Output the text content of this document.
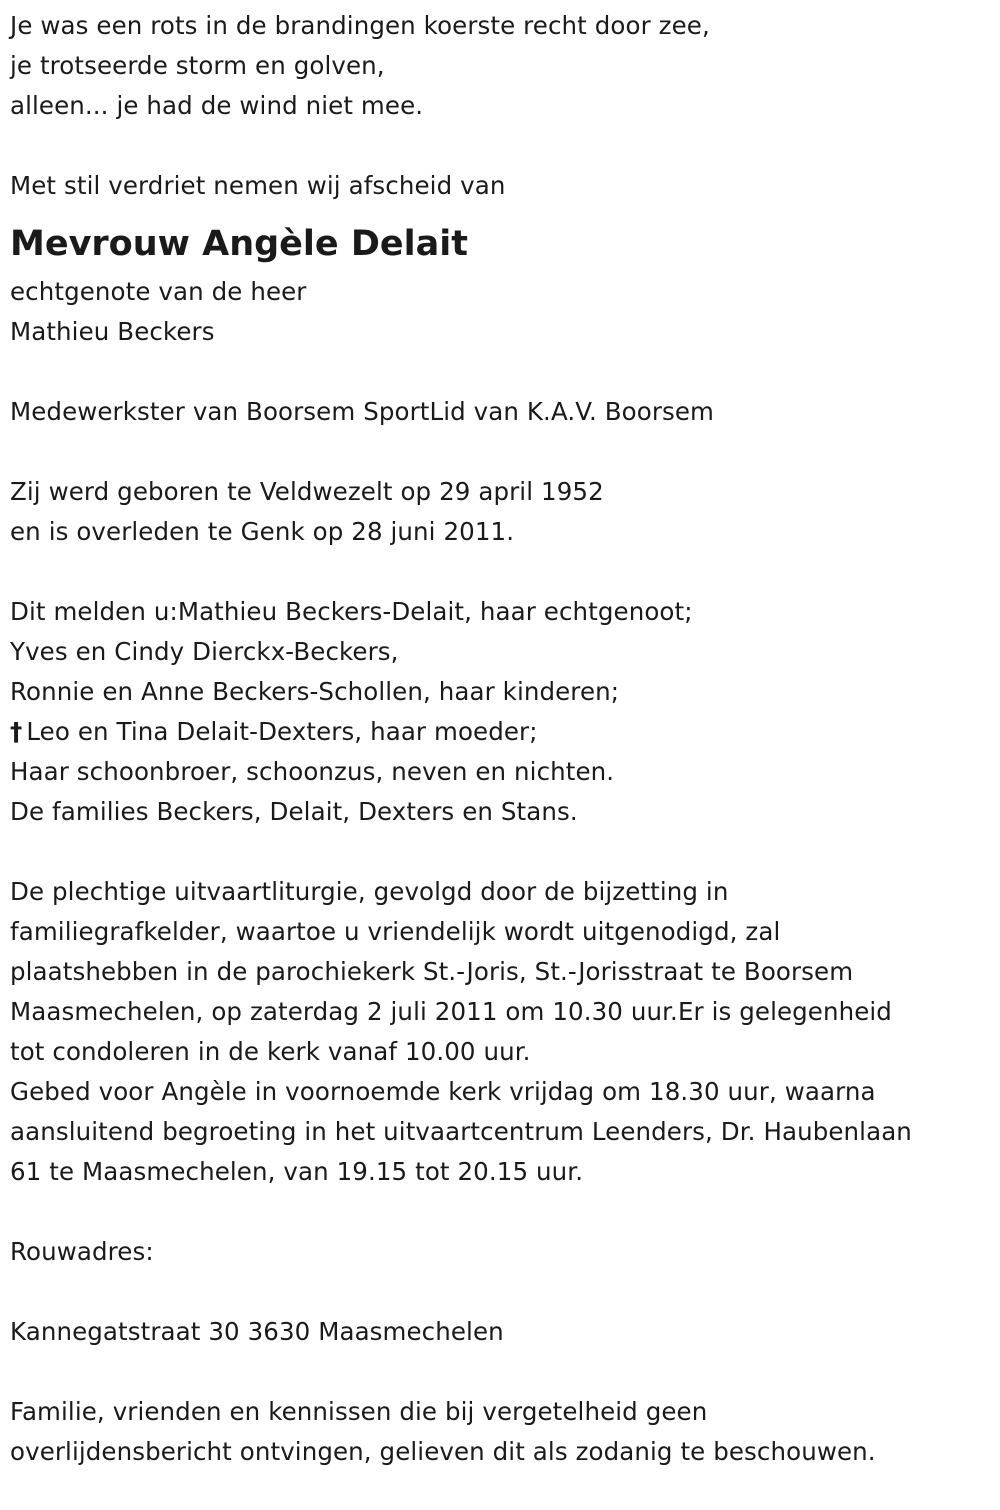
Je was een rots in de brandingen koerste recht door zee,
je trotseerde storm en golven,
alleen... je had de wind niet mee.
Met stil verdriet nemen wij afscheid van
Mevrouw Angèle Delait
echtgenote van de heer
Mathieu Beckers
Medewerkster van Boorsem SportLid van K.A.V. Boorsem
Zij werd geboren te Veldwezelt op 29 april 1952
en is overleden te Genk op 28 juni 2011.
Dit melden u:Mathieu Beckers-Delait, haar echtgenoot;
Yves en Cindy Dierckx-Beckers,
Ronnie en Anne Beckers-Schollen, haar kinderen;
† Leo en Tina Delait-Dexters, haar moeder;
Haar schoonbroer, schoonzus, neven en nichten.
De families Beckers, Delait, Dexters en Stans.
De plechtige uitvaartliturgie, gevolgd door de bijzetting in
familiegrafkelder, waartoe u vriendelijk wordt uitgenodigd, zal
plaatshebben in de parochiekerk St.-Joris, St.-Jorisstraat te Boorsem
Maasmechelen, op zaterdag 2 juli 2011 om 10.30 uur.Er is gelegenheid
tot condoleren in de kerk vanaf 10.00 uur.
Gebed voor Angèle in voornoemde kerk vrijdag om 18.30 uur, waarna
aansluitend begroeting in het uitvaartcentrum Leenders, Dr. Haubenlaan
61 te Maasmechelen, van 19.15 tot 20.15 uur.
Rouwadres:
Kannegatstraat 30 3630 Maasmechelen
Familie, vrienden en kennissen die bij vergetelheid geen
overlijdensbericht ontvingen, gelieven dit als zodanig te beschouwen.
